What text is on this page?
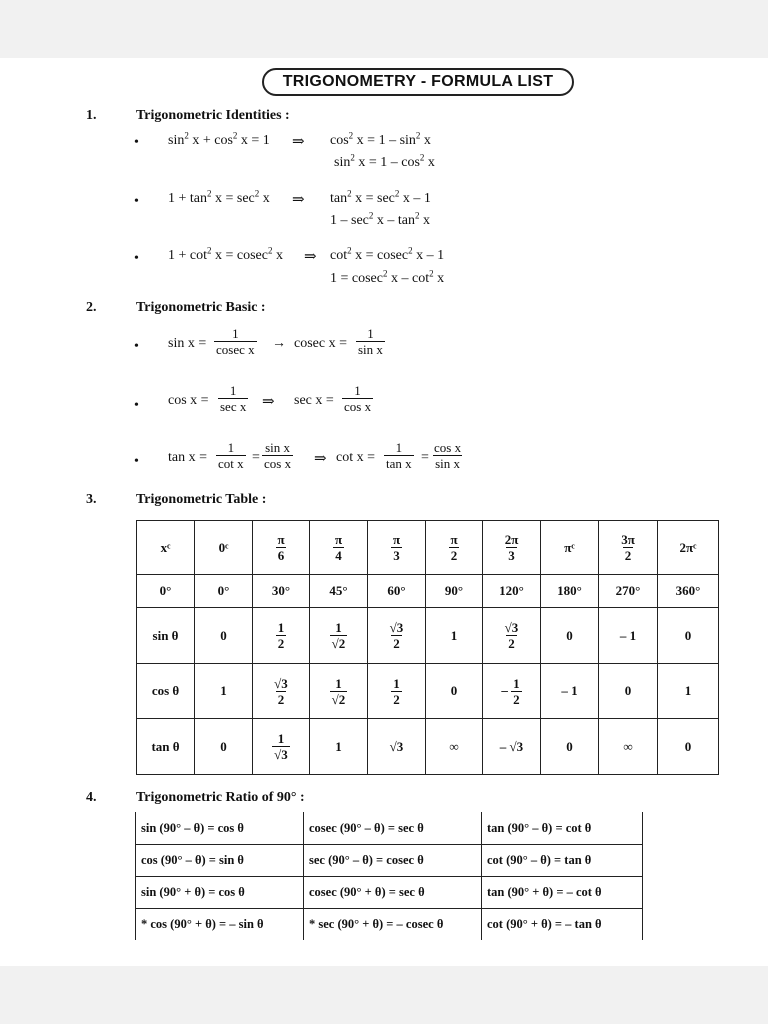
TRIGONOMETRY - FORMULA LIST
1.	Trigonometric Identities :
• $\sin^2 x + \cos^2 x = 1$ ⇒ $\cos^2 x = 1 - \sin^2 x$
$\sin^2 x = 1 - \cos^2 x$
• $1 + \tan^2 x = \sec^2 x$ ⇒ $\tan^2 x = \sec^2 x - 1$
$1 - \sec^2 x - \tan^2 x$
• $1 + \cot^2 x = cosec^2$ x ⇒ $\cot^2 x = cosec^2$ x – 1
1 = cosec$^2$ x – $\cot^2 x$
2.	Trigonometric Basic :
• $\sin x = \frac{1}{\text{cosec x}} \to cosec$ $x = \frac{1}{\text{sin x}}$
• cos x =
1
sec x ⇒ $\sec x = \frac{1}{\text{cos x}}$
• $\tan x = \frac{1}{\text{cot x}} = \frac{\text{sin x}}{\text{cos x}}$ ⇒ $\cot x = \frac{1}{\text{tan x}} = \frac{\text{cos x}}{\text{sin x}}$
3.	Trigonometric Table :
xᶜ	0ᶜ	$\frac{\pi}{6}$	$\frac{\pi}{4}$	$\frac{\pi}{3}$	$\frac{\pi}{2}$	$\frac{2\pi}{3}$	πᶜ	$\frac{3\pi}{2}$	2πᶜ
0°	0°	30°	45°	60°	90°	120°	180°	270°	360°
sin θ	0	$\frac{1}{2}$	$\frac{1}{√2}$	$\frac{√3}{2}$	1	$\frac{√3}{2}$	0	– 1	0
cos θ	1	$\frac{√3}{2}$	$\frac{1}{√2}$	$\frac{1}{2}$	0	– $\frac{1}{2}$	– 1	0	1
tan θ	0	$\frac{1}{√3}$	1	√3	∞	– √3	0	∞	0
4.	Trigonometric Ratio of 90° :
sin (90° – θ) = cos θ	cosec (90° – θ) = sec θ	tan (90° – θ) = cot θ
cos (90° – θ) = sin θ	sec (90° – θ) = cosec θ	cot (90° – θ) = tan θ
sin (90° + θ) = cos θ	cosec (90° + θ) = sec θ	tan (90° + θ) = – cot θ
* cos (90° + θ) = – sin θ	* sec (90° + θ) = – cosec θ	cot (90° + θ) = – tan θ
